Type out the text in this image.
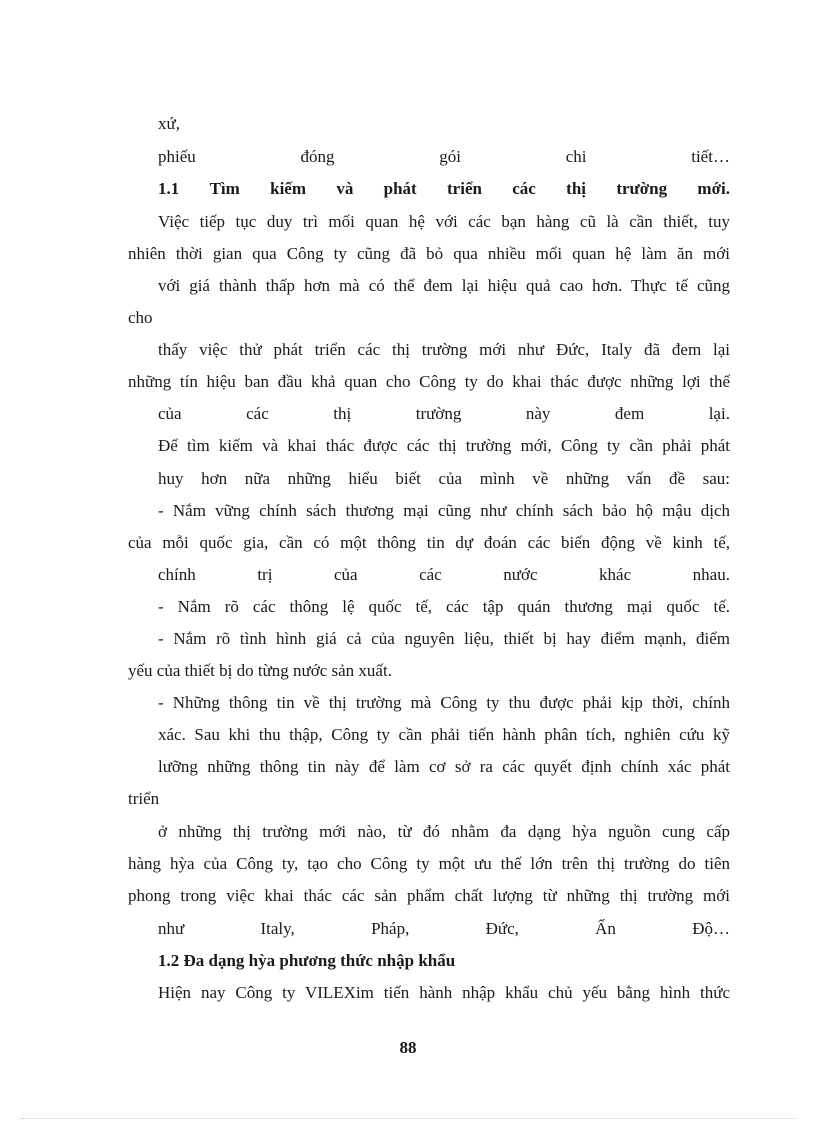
xứ,
phiếu	đóng	gói	chi	tiết…
1.1 Tìm kiếm và phát triển các thị trường mới.
Việc tiếp tục duy trì mối quan hệ với các bạn hàng cũ là cần thiết, tuy
nhiên thời gian qua Công ty cũng đã bỏ qua nhiều mối quan hệ làm ăn mới
với giá thành thấp hơn mà có thể đem lại hiệu quả cao hơn. Thực tế cũng
cho
thấy việc thử phát triển các thị trường mới như Đức, Italy đã đem lại
những tín hiệu ban đầu khả quan cho Công ty do khai thác được những lợi thế
của	các	thị	trường	này	đem	lại.
Để tìm kiếm và khai thác được các thị trường mới, Công ty cần phải phát
huy hơn nữa những hiểu biết của mình về những vấn đề sau:
- Nắm vững chính sách thương mại cũng như chính sách bảo hộ mậu dịch
của mỗi quốc gia, cần có một thông tin dự đoán các biến động về kinh tế,
chính	trị	của	các	nước	khác	nhau.
- Nắm rõ các thông lệ quốc tế, các tập quán thương mại quốc tế.
- Nắm rõ tình hình giá cả của nguyên liệu, thiết bị hay điểm mạnh, điểm
yếu của thiết bị do từng nước sản xuất.
- Những thông tin về thị trường mà Công ty thu được phải kịp thời, chính
xác. Sau khi thu thập, Công ty cần phải tiến hành phân tích, nghiên cứu kỹ
lưỡng những thông tin này để làm cơ sở ra các quyết định chính xác phát
triển
ở những thị trường mới nào, từ đó nhằm đa dạng hỳa nguồn cung cấp
hàng hỳa của Công ty, tạo cho Công ty một ưu thế lớn trên thị trường do tiên
phong trong việc khai thác các sản phẩm chất lượng từ những thị trường mới
như	Italy,	Pháp,	Đức,	Ấn	Độ…
1.2 Đa dạng hỳa phương thức nhập khẩu
Hiện nay Công ty VILEXim tiến hành nhập khẩu chủ yếu bằng hình thức
88
